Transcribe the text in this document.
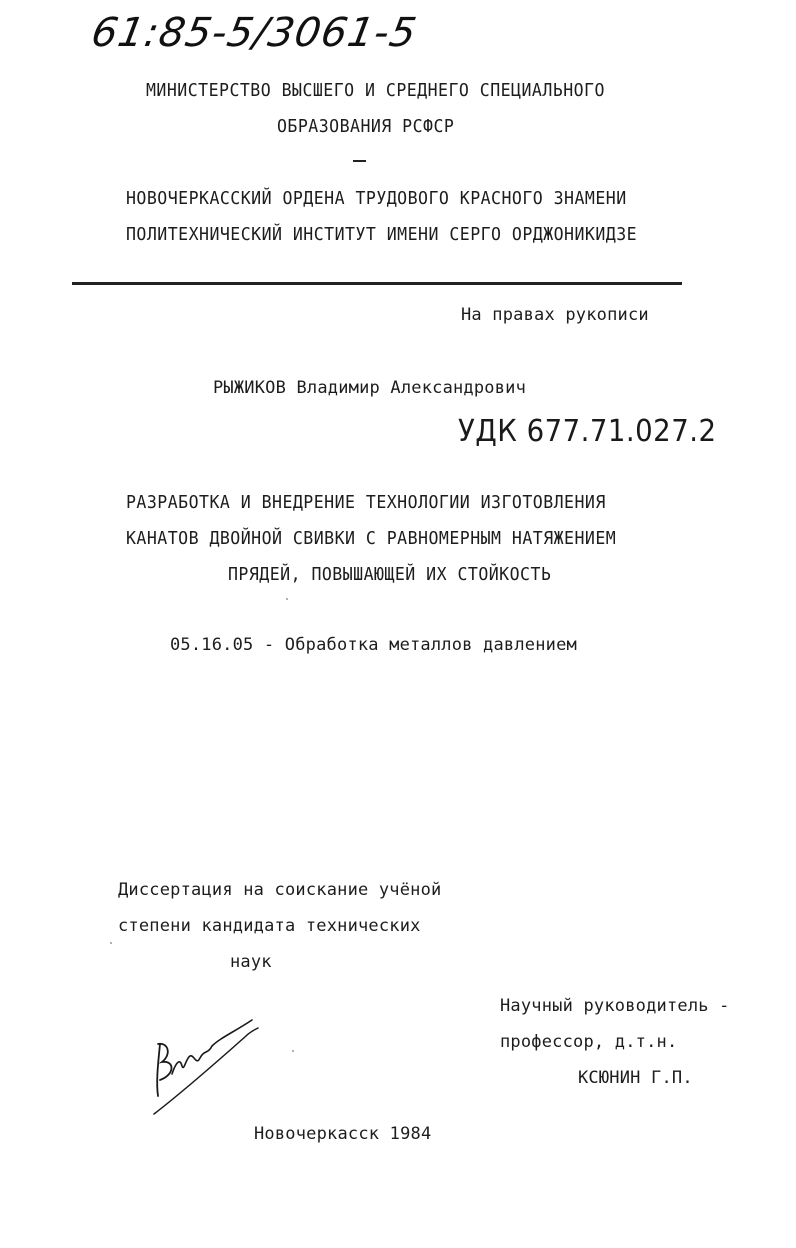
61:85-5/3061-5
МИНИСТЕРСТВО ВЫСШЕГО И СРЕДНЕГО СПЕЦИАЛЬНОГО
ОБРАЗОВАНИЯ РСФСР
НОВОЧЕРКАССКИЙ ОРДЕНА ТРУДОВОГО КРАСНОГО ЗНАМЕНИ
ПОЛИТЕХНИЧЕСКИЙ ИНСТИТУТ ИМЕНИ СЕРГО ОРДЖОНИКИДЗЕ
На правах рукописи
РЫЖИКОВ Владимир Александрович
УДК 677.71.027.2
РАЗРАБОТКА И ВНЕДРЕНИЕ ТЕХНОЛОГИИ ИЗГОТОВЛЕНИЯ
КАНАТОВ ДВОЙНОЙ СВИВКИ С РАВНОМЕРНЫМ НАТЯЖЕНИЕМ
ПРЯДЕЙ, ПОВЫШАЮЩЕЙ ИХ СТОЙКОСТЬ
05.16.05 - Обработка металлов давлением
Диссертация на соискание учёной
степени кандидата технических
наук
Научный руководитель -
профессор, д.т.н.
КСЮНИН Г.П.
Новочеркасск 1984
